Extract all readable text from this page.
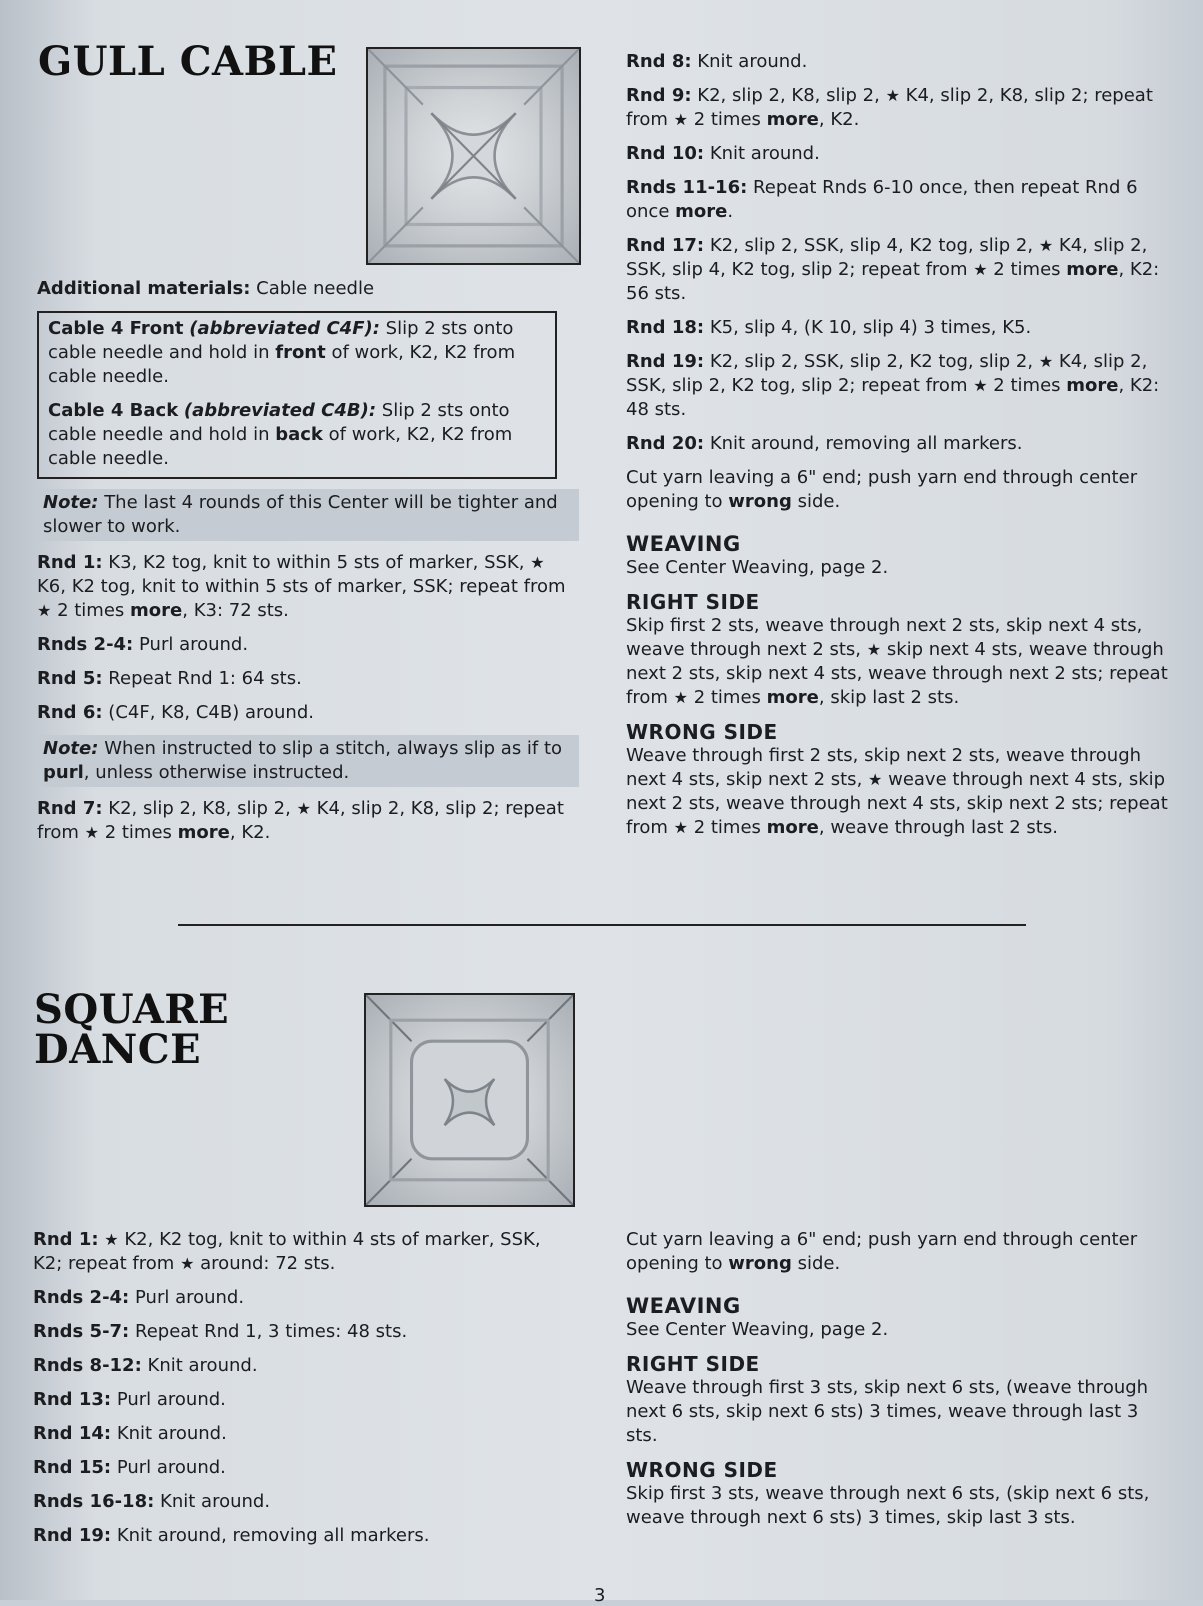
GULL CABLE

Additional materials: Cable needle

Cable 4 Front (abbreviated C4F): Slip 2 sts onto cable needle and hold in front of work, K2, K2 from cable needle.

Cable 4 Back (abbreviated C4B): Slip 2 sts onto cable needle and hold in back of work, K2, K2 from cable needle.

Note: The last 4 rounds of this Center will be tighter and slower to work.

Rnd 1: K3, K2 tog, knit to within 5 sts of marker, SSK, ★ K6, K2 tog, knit to within 5 sts of marker, SSK; repeat from ★ 2 times more, K3: 72 sts.

Rnds 2-4: Purl around.

Rnd 5: Repeat Rnd 1: 64 sts.

Rnd 6: (C4F, K8, C4B) around.

Note: When instructed to slip a stitch, always slip as if to purl, unless otherwise instructed.

Rnd 7: K2, slip 2, K8, slip 2, ★ K4, slip 2, K8, slip 2; repeat from ★ 2 times more, K2.

Rnd 8: Knit around.

Rnd 9: K2, slip 2, K8, slip 2, ★ K4, slip 2, K8, slip 2; repeat from ★ 2 times more, K2.

Rnd 10: Knit around.

Rnds 11-16: Repeat Rnds 6-10 once, then repeat Rnd 6 once more.

Rnd 17: K2, slip 2, SSK, slip 4, K2 tog, slip 2, ★ K4, slip 2, SSK, slip 4, K2 tog, slip 2; repeat from ★ 2 times more, K2: 56 sts.

Rnd 18: K5, slip 4, (K 10, slip 4) 3 times, K5.

Rnd 19: K2, slip 2, SSK, slip 2, K2 tog, slip 2, ★ K4, slip 2, SSK, slip 2, K2 tog, slip 2; repeat from ★ 2 times more, K2: 48 sts.

Rnd 20: Knit around, removing all markers.

Cut yarn leaving a 6" end; push yarn end through center opening to wrong side.

WEAVING

See Center Weaving, page 2.

RIGHT SIDE

Skip first 2 sts, weave through next 2 sts, skip next 4 sts, weave through next 2 sts, ★ skip next 4 sts, weave through next 2 sts, skip next 4 sts, weave through next 2 sts; repeat from ★ 2 times more, skip last 2 sts.

WRONG SIDE

Weave through first 2 sts, skip next 2 sts, weave through next 4 sts, skip next 2 sts, ★ weave through next 4 sts, skip next 2 sts, weave through next 4 sts, skip next 2 sts; repeat from ★ 2 times more, weave through last 2 sts.

SQUARE
DANCE

Rnd 1: ★ K2, K2 tog, knit to within 4 sts of marker, SSK, K2; repeat from ★ around: 72 sts.

Rnds 2-4: Purl around.

Rnds 5-7: Repeat Rnd 1, 3 times: 48 sts.

Rnds 8-12: Knit around.

Rnd 13: Purl around.

Rnd 14: Knit around.

Rnd 15: Purl around.

Rnds 16-18: Knit around.

Rnd 19: Knit around, removing all markers.

Cut yarn leaving a 6" end; push yarn end through center opening to wrong side.

WEAVING

See Center Weaving, page 2.

RIGHT SIDE

Weave through first 3 sts, skip next 6 sts, (weave through next 6 sts, skip next 6 sts) 3 times, weave through last 3 sts.

WRONG SIDE

Skip first 3 sts, weave through next 6 sts, (skip next 6 sts, weave through next 6 sts) 3 times, skip last 3 sts.

3
